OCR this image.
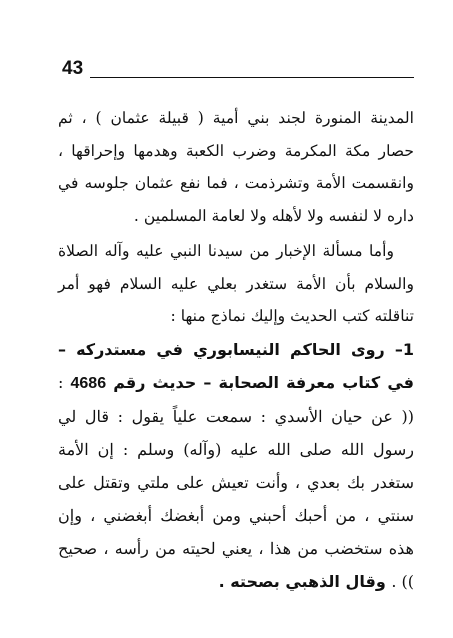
43

المدينة المنورة لجند بني أمية ( قبيلة عثمان ) ، ثم حصار مكة المكرمة وضرب الكعبة وهدمها وإحراقها ، وانقسمت الأمة وتشرذمت ، فما نفع عثمان جلوسه في داره لا لنفسه ولا لأهله ولا لعامة المسلمين .

وأما مسألة الإخبار من سيدنا النبي عليه وآله الصلاة والسلام بأن الأمة ستغدر بعلي عليه السلام فهو أمر تناقلته كتب الحديث وإليك نماذج منها :

1– روى الحاكم النيسابوري في مستدركه – في كتاب معرفة الصحابة – حديث رقم 4686 : (( عن حيان الأسدي : سمعت علياً يقول : قال لي رسول الله صلى الله عليه (وآله) وسلم : إن الأمة ستغدر بك بعدي ، وأنت تعيش على ملتي وتقتل على سنتي ، من أحبك أحبني ومن أبغضك أبغضني ، وإن هذه ستخضب من هذا ، يعني لحيته من رأسه ، صحيح )) . وقال الذهبي بصحته .
